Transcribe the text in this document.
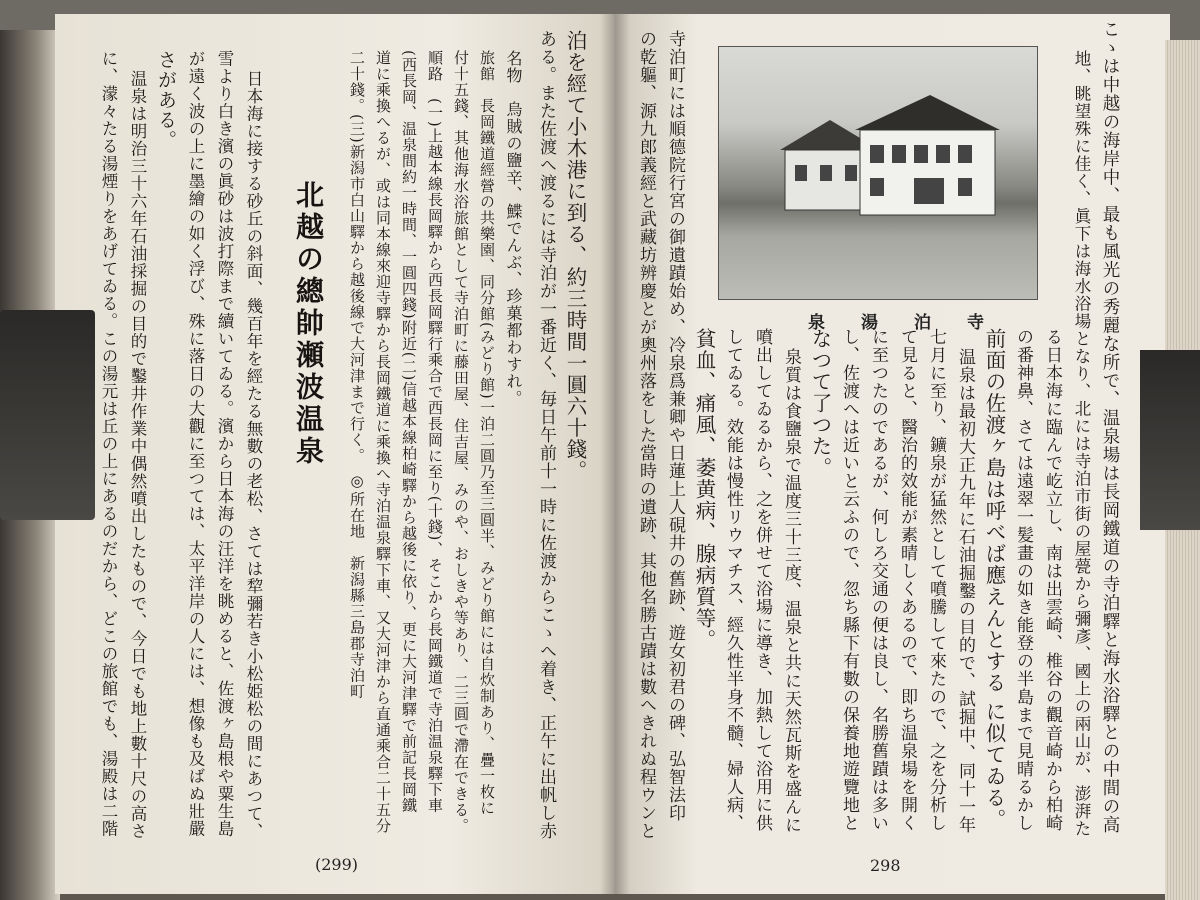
寺泊湯泉	こゝは中越の海岸中、最も風光の秀麗な所で、温泉場は長岡鐵道の寺泊驛と海水浴驛との中間の高
地、眺望殊に佳く、眞下は海水浴場となり、北には寺泊市街の屋甍から彌彥、國上の兩山が、澎湃た
る日本海に臨んで屹立し、南は出雲崎、椎谷の觀音崎から柏崎
の番神鼻、さては遠翠一髪畫の如き能登の半島まで見晴るかし
前面の佐渡ヶ島は呼べば應えんとする に似てゐる。
温泉は最初大正九年に石油掘鑿の目的で、試掘中、同十一年
七月に至り、鑛泉が猛然として噴騰して來たので、之を分析し
て見ると、醫治的效能が素晴しくあるので、即ち温泉場を開く
に至つたのであるが、何しろ交通の便は良し、名勝舊蹟は多い
し、佐渡へは近いと云ふので、忽ち縣下有數の保養地遊覽地と
なつて了つた。
泉質は食鹽泉で温度三十三度、温泉と共に天然瓦斯を盛んに
噴出してゐるから、之を併せて浴場に導き、加熱して浴用に供
してゐる。效能は慢性リウマチス、經久性半身不髓、婦人病、
貧血、痛風、萎黄病、腺病質等。
寺泊町には順德院行宮の御遺蹟始め、冷泉爲兼卿や日蓮上人硯井の舊跡、遊女初君の碑、弘智法印
の乾軀、源九郎義經と武藏坊辨慶とが奧州落をした當時の遺跡、其他名勝古蹟は數へきれぬ程ウンと
298
泊を經て小木港に到る、約三時間一圓六十錢。
ある。また佐渡へ渡るには寺泊が一番近く、毎日午前十一時に佐渡からこゝへ着き、正午に出帆し赤
名物　烏賊の鹽辛、鰈でんぶ、珍菓都わすれ。
旅館　長岡鐵道經營の共樂園、同分館(みどり館)一泊二圓乃至三圓半、みどり館には自炊制あり、疊一枚に
付十五錢、其他海水浴旅館として寺泊町に藤田屋、住吉屋、みのや、おしきや等あり、二三圓で滯在できる。
順路　(一)上越本線長岡驛から西長岡驛行乘合で西長岡に至り(十錢)、そこから長岡鐵道で寺泊温泉驛下車
(西長岡、温泉間約一時間、一圓四錢)附近(二)信越本線柏崎驛から越後に依り、更に大河津驛で前記長岡鐵
道に乘換へるが、或は同本線來迎寺驛から長岡鐵道に乘換へ寺泊温泉驛下車、又大河津から直通乘合二十五分
二十錢。(三)新潟市白山驛から越後線で大河津まで行く。　◎所在地　新潟縣三島郡寺泊町
北越の總帥瀬波温泉
日本海に接する砂丘の斜面、幾百年を經たる無數の老松、さては犂彌若き小松姫松の間にあつて、
雪より白き濱の眞砂は波打際まで續いてゐる。濱から日本海の汪洋を眺めると、佐渡ヶ島根や粟生島
が遠く波の上に墨繪の如く浮び、殊に落日の大觀に至つては、太平洋岸の人には、想像も及ばぬ壯嚴
さがある。
温泉は明治三十六年石油採掘の目的で鑿井作業中偶然噴出したもので、今日でも地上數十尺の高さ
に、濛々たる湯煙りをあげてゐる。この湯元は丘の上にあるのだから、どこの旅館でも、湯殿は二階
(299)
